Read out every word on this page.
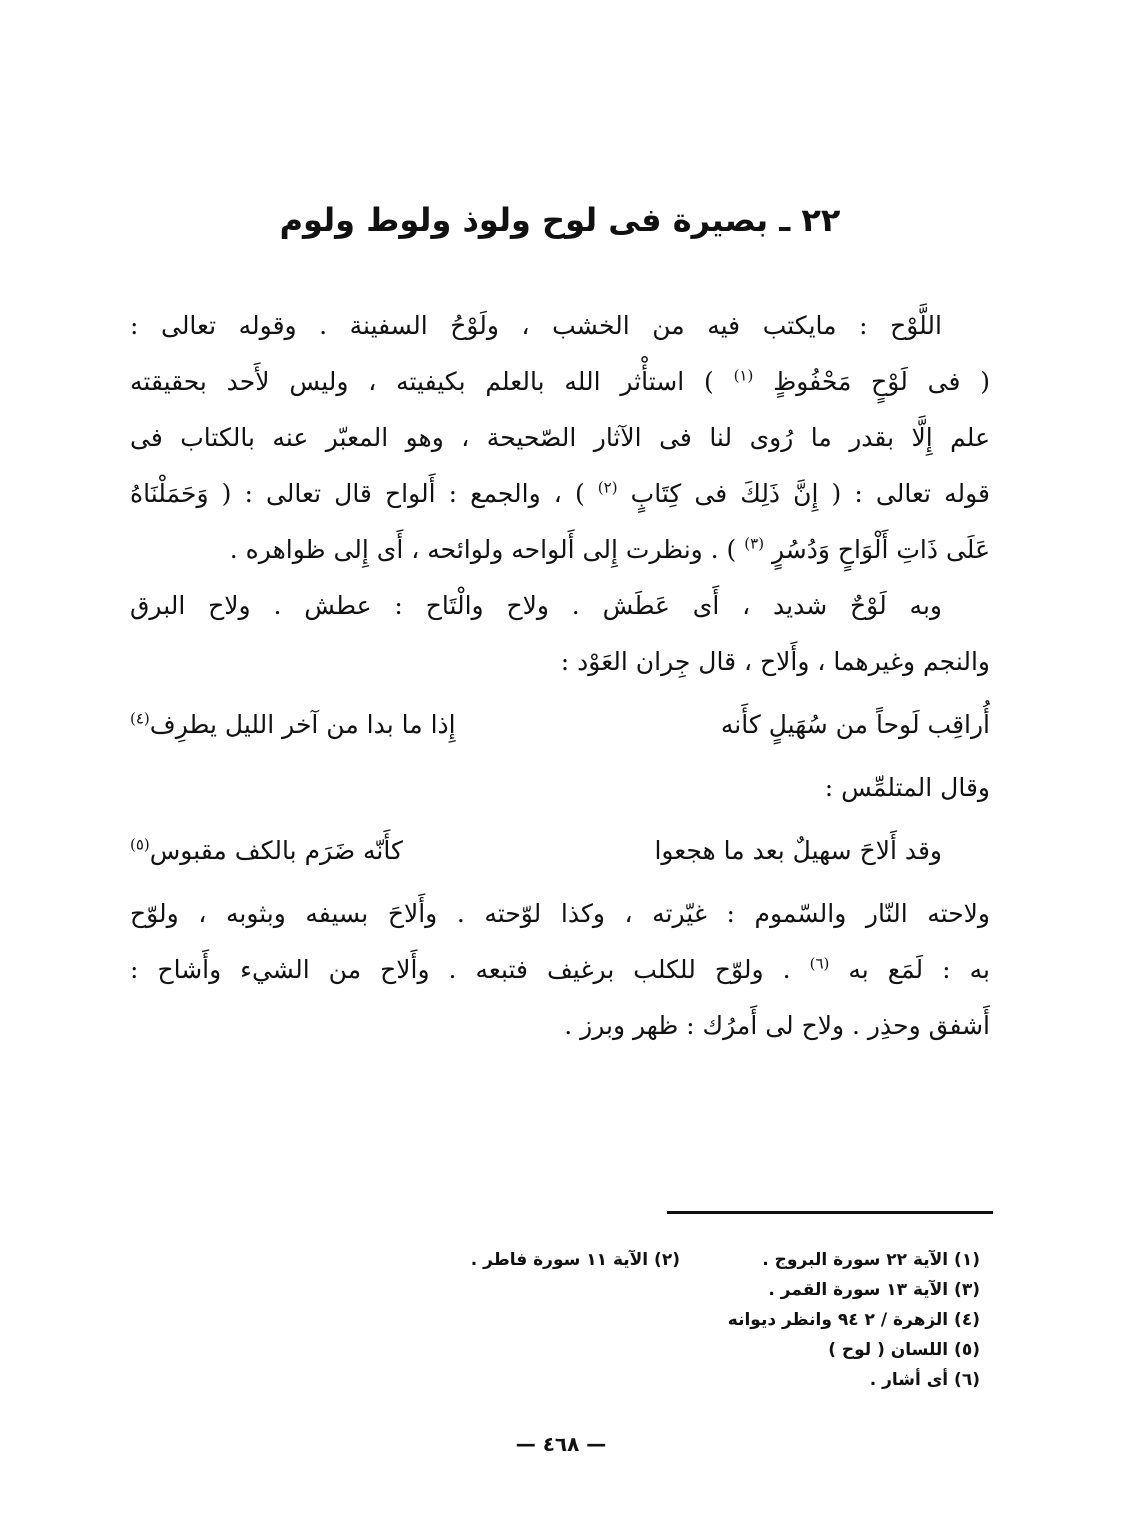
٢٢ ـ بصيرة فى لوح ولوذ ولوط ولوم
اللَّوْح : مايكتب فيه من الخشب ، ولَوْحُ السفينة . وقوله تعالى :
( فى لَوْحٍ مَحْفُوظٍ $^{(١)}$ ) استأْثر الله بالعلم بكيفيته ، وليس لأَحد بحقيقته
علم إِلَّا بقدر ما رُوى لنا فى الآثار الصّحيحة ، وهو المعبّر عنه بالكتاب فى
قوله تعالى : ( إِنَّ ذَلِكَ فى كِتَابٍ $^{(٢)}$ ) ، والجمع : أَلواح قال تعالى : ( وَحَمَلْنَاهُ
عَلَى ذَاتِ أَلْوَاحٍ وَدُسُرٍ $^{(٣)}$ ) . ونظرت إِلى أَلواحه ولوائحه ، أَى إِلى ظواهره .
وبه لَوْحٌ شديد ، أَى عَطَش . ولاح والْتَاح : عطش . ولاح البرق
والنجم وغيرهما ، وأَلاح ، قال جِران العَوْد :
أُراقِب لَوحاً من سُهَيلٍ كأَنه
إِذا ما بدا من آخر الليل يطرِف$^{(٤)}$
وقال المتلمِّس :
وقد أَلاحَ سهيلٌ بعد ما هجعوا
كأَنّه ضَرَم بالكف مقبوس$^{(٥)}$
ولاحته النّار والسّموم : غيّرته ، وكذا لوّحته . وأَلاحَ بسيفه وبثوبه ، ولوّح
به : لَمَع به $^{(٦)}$ . ولوّح للكلب برغيف فتبعه . وأَلاح من الشيء وأَشاح :
أَشفق وحذِر . ولاح لى أَمرُك : ظهر وبرز .
(١) الآية ٢٢ سورة البروج .
(٢) الآية ١١ سورة فاطر .
(٣) الآية ١٣ سورة القمر .
(٤) الزهرة / ٢ ٩٤ وانظر ديوانه
(٥) اللسان ( لوح )
(٦) أى أشار .
— ٤٦٨ —
